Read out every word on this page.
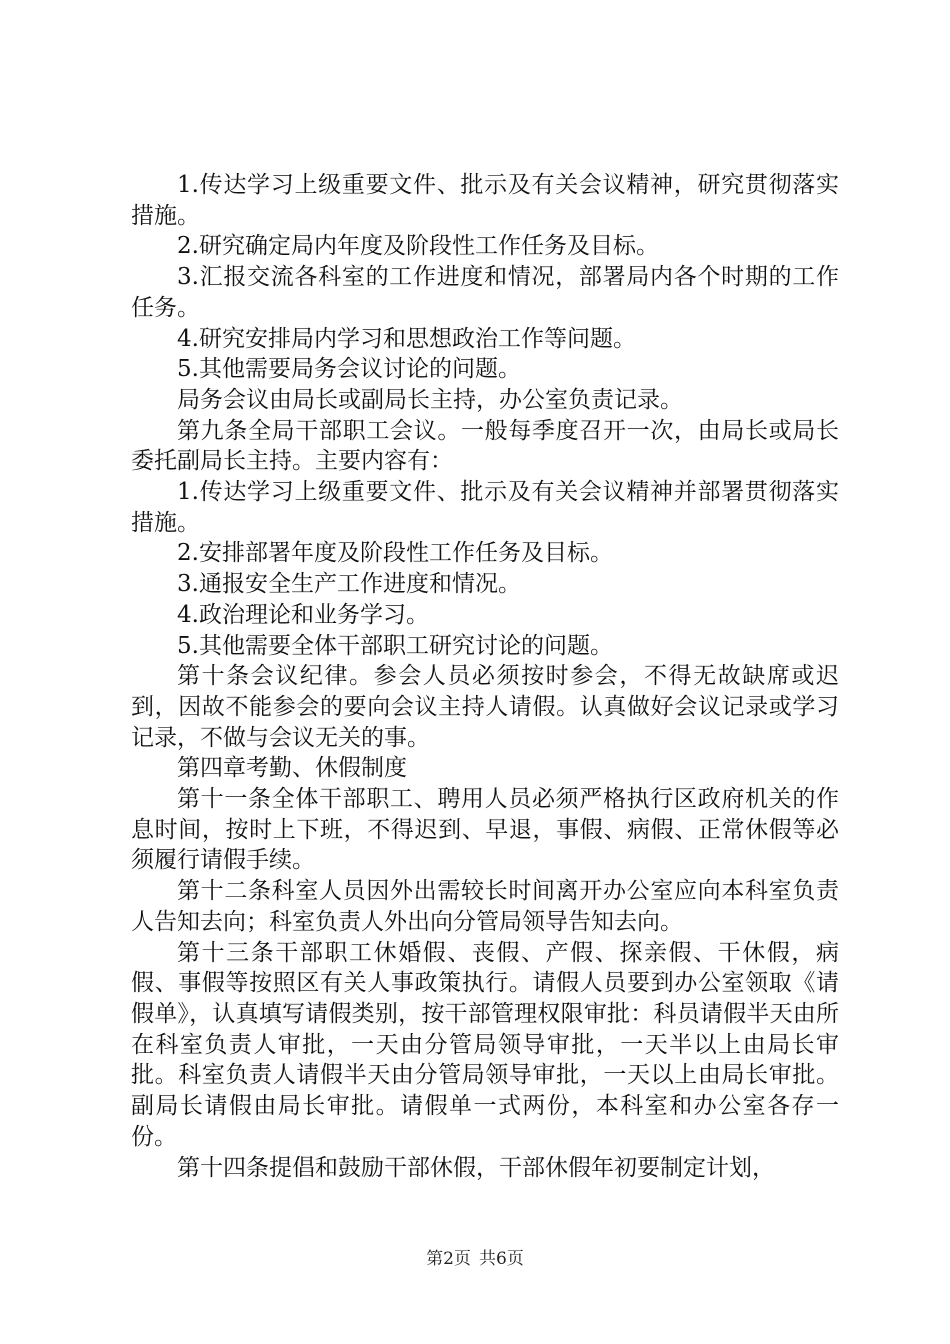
1.传达学习上级重要文件、批示及有关会议精神，研究贯彻落实措施。

2.研究确定局内年度及阶段性工作任务及目标。

3.汇报交流各科室的工作进度和情况，部署局内各个时期的工作任务。

4.研究安排局内学习和思想政治工作等问题。

5.其他需要局务会议讨论的问题。

局务会议由局长或副局长主持，办公室负责记录。

第九条全局干部职工会议。一般每季度召开一次，由局长或局长委托副局长主持。主要内容有：

1.传达学习上级重要文件、批示及有关会议精神并部署贯彻落实措施。

2.安排部署年度及阶段性工作任务及目标。

3.通报安全生产工作进度和情况。

4.政治理论和业务学习。

5.其他需要全体干部职工研究讨论的问题。

第十条会议纪律。参会人员必须按时参会，不得无故缺席或迟到，因故不能参会的要向会议主持人请假。认真做好会议记录或学习记录，不做与会议无关的事。

第四章考勤、休假制度

第十一条全体干部职工、聘用人员必须严格执行区政府机关的作息时间，按时上下班，不得迟到、早退，事假、病假、正常休假等必须履行请假手续。

第十二条科室人员因外出需较长时间离开办公室应向本科室负责人告知去向；科室负责人外出向分管局领导告知去向。

第十三条干部职工休婚假、丧假、产假、探亲假、干休假，病假、事假等按照区有关人事政策执行。请假人员要到办公室领取《请假单》，认真填写请假类别，按干部管理权限审批：科员请假半天由所在科室负责人审批，一天由分管局领导审批，一天半以上由局长审批。科室负责人请假半天由分管局领导审批，一天以上由局长审批。副局长请假由局长审批。请假单一式两份，本科室和办公室各存一份。

第十四条提倡和鼓励干部休假，干部休假年初要制定计划，

第2页 共6页
